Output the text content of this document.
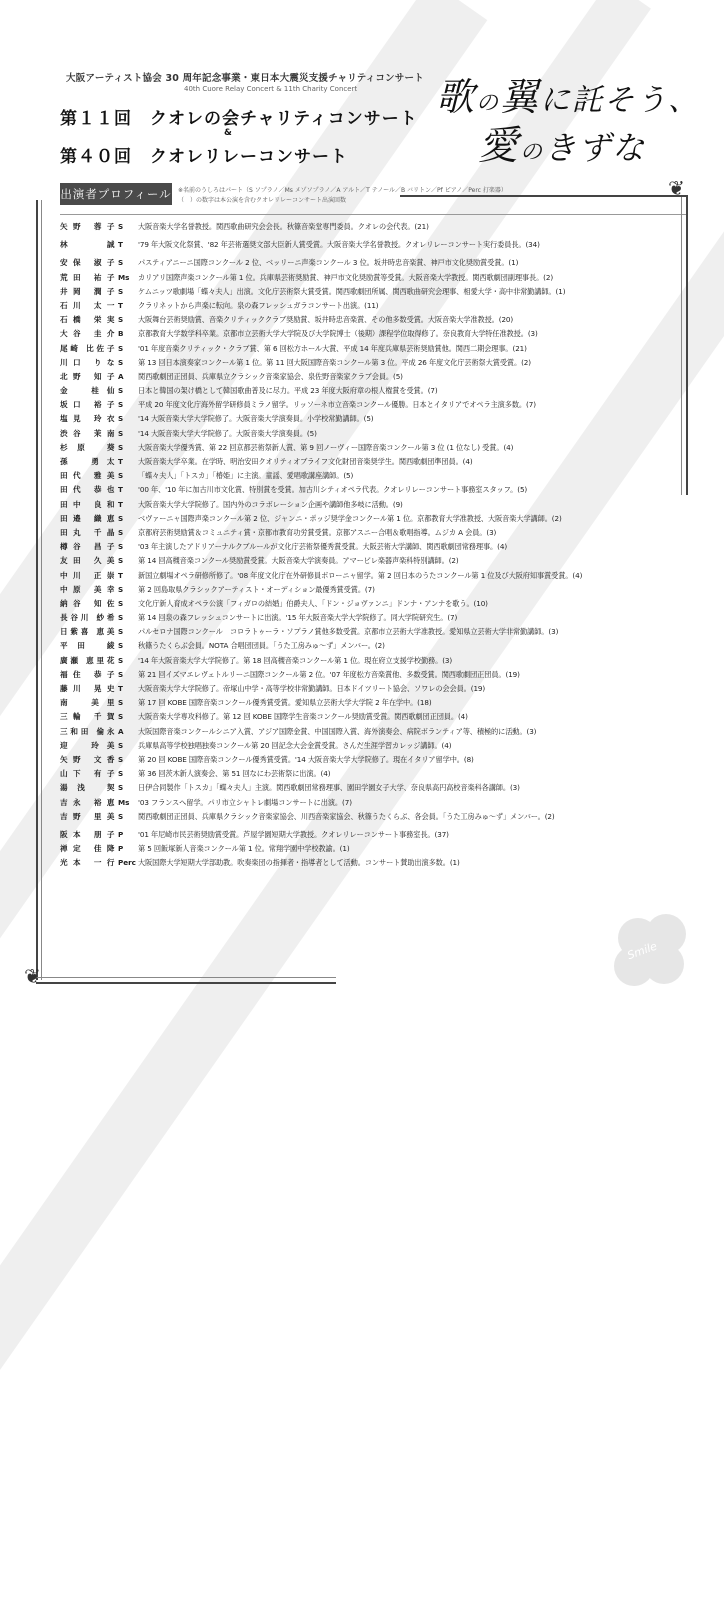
大阪アーティスト協会 30 周年記念事業・東日本大震災支援チャリティコンサート
40th Cuore Relay Concert & 11th Charity Concert
第１１回　クオレの会チャリティコンサート
&
第４０回　クオレリレーコンサート
歌の翼に託そう、
愛のきずな
出演者プロフィール ※名前のうしろはパート（S ソプラノ／Ms メゾソプラノ／A アルト／T テノール／B バリトン／Pf ピアノ／Perc 打楽器）
（　）の数字は本公演を含むクオレリレーコンサート出演回数
❦
❦
矢野 蓉子 S	大阪音楽大学名誉教授。関西歌曲研究会会長。秋篠音楽堂専門委員。クオレの会代表。(21)
林　　誠 T	'79 年大阪文化祭賞、'82 年芸術選奨文部大臣新人賞受賞。大阪音楽大学名誉教授。クオレリレーコンサート実行委員長。(34)
安保 淑子 S	パスティアニーニ国際コンクール 2 位、ベッリーニ声楽コンクール 3 位。坂井時忠音楽賞、神戸市文化奨励賞受賞。(1)
荒田 祐子 Ms	カリアリ国際声楽コンクール第 1 位。兵庫県芸術奨励賞、神戸市文化奨励賞等受賞。大阪音楽大学教授。関西歌劇団副理事長。(2)
井岡 潤子 S	ケムニッツ歌劇場「蝶々夫人」出演。文化庁芸術祭大賞受賞。関西歌劇団所属、関西歌曲研究会理事、相愛大学・高中非常勤講師。(1)
石川 太一 T	クラリネットから声楽に転向。泉の森フレッシュガラコンサート出演。(11)
石橋 栄実 S	大阪舞台芸術奨励賞、音楽クリティッククラブ奨励賞、坂井時忠音楽賞、その他多数受賞。大阪音楽大学准教授。(20)
大谷 圭介 B	京都教育大学数学科卒業。京都市立芸術大学大学院及び大学院博士（後期）課程学位取得修了。奈良教育大学特任准教授。(3)
尾崎 比佐子 S	'01 年度音楽クリティック・クラブ賞、第 6 回松方ホール大賞、平成 14 年度兵庫県芸術奨励賞他。関西二期会理事。(21)
川口 りな S	第 13 回日本演奏家コンクール第 1 位。第 11 回大阪国際音楽コンクール第 3 位。平成 26 年度文化庁芸術祭大賞受賞。(2)
北野 知子 A	関西歌劇団正団員、兵庫県立クラシック音楽家協会、泉佐野音楽家クラブ会員。(5)
金　桂仙 S	日本と韓国の架け橋として韓国歌曲普及に尽力。平成 23 年度大阪府章の根人権賞を受賞。(7)
坂口 裕子 S	平成 20 年度文化庁海外留学研修員ミラノ留学。リッソーネ市立音楽コンクール優勝。日本とイタリアでオペラ主演多数。(7)
塩見 玲衣 S	'14 大阪音楽大学大学院修了。大阪音楽大学演奏員。小学校常勤講師。(5)
渋谷 茉南 S	'14 大阪音楽大学大学院修了。大阪音楽大学演奏員。(5)
杉原 葵 S	大阪音楽大学優秀賞、第 22 回京都芸術祭新人賞、第 9 回ノーヴィー国際音楽コンクール第 3 位 (1 位なし) 受賞。(4)
孫　勇太 T	大阪音楽大学卒業。在学時、明治安田クオリティオブライフ文化財団音楽奨学生。関西歌劇団準団員。(4)
田代 雅美 S	「蝶々夫人」「トスカ」「椿姫」に主演。童謡、愛唱歌講座講師。(5)
田代 恭也 T	'00 年、'10 年に加古川市文化賞、特別賞を受賞。加古川シティオペラ代表。クオレリレーコンサート事務室スタッフ。(5)
田中 良和 T	大阪音楽大学大学院修了。国内外のコラボレーション企画や講師他多岐に活動。(9)
田邉 織恵 S	ベヴァーニャ国際声楽コンクール第 2 位、ジャンニ・ポッジ奨学金コンクール第 1 位。京都教育大学准教授、大阪音楽大学講師。(2)
田丸 千晶 S	京都府芸術奨励賞＆コミュニティ賞・京都市教育功労賞受賞。京都アスニー合唱＆歌唱指導。ムジカ A 会員。(3)
樽谷 昌子 S	'03 年主演したアドリアーナルクブルールが文化庁芸術祭優秀賞受賞。大阪芸術大学講師、関西歌劇団常務理事。(4)
友田 久美 S	第 14 回高槻音楽コンクール奨励賞受賞。大阪音楽大学演奏員。アマービレ楽器声楽科特別講師。(2)
中川 正崇 T	新国立劇場オペラ研修所修了。'08 年度文化庁在外研修員ボローニャ留学。第 2 回日本のうたコンクール第 1 位及び大阪府知事賞受賞。(4)
中原 美幸 S	第 2 回島取県クラシックアーティスト・オーディション最優秀賞受賞。(7)
納谷 知佐 S	文化庁新人育成オペラ公演「フィガロの結婚」伯爵夫人、「ドン・ジョヴァンニ」ドンナ・アンナを歌う。(10)
長谷川 紗希 S	第 14 回泉の森フレッシュコンサートに出演。'15 年大阪音楽大学大学院修了。同大学院研究生。(7)
日紫喜 恵美 S	パルセロナ国際コンクール　コロラトゥーラ・ソプラノ賞他多数受賞。京都市立芸術大学准教授。愛知県立芸術大学非常勤講師。(3)
平田 綾 S	秋篠うたくらぶ会員。NOTA 合唱団団員。「うた工房みゅ～ず」メンバー。(2)
廣瀬 恵里花 S	'14 年大阪音楽大学大学院修了。第 18 回高槻音楽コンクール第 1 位。現在府立支援学校勤務。(3)
福住 恭子 S	第 21 回イズマエレヴェトルリーニ国際コンクール第 2 位。'07 年度松方音楽賞他、多数受賞。関西歌劇団正団員。(19)
藤川 晃史 T	大阪音楽大学大学院修了。帝塚山中学・高等学校非常勤講師。日本ドイツリート協会、ソワレの会会員。(19)
南　美里 S	第 17 回 KOBE 国際音楽コンクール優秀賞受賞。愛知県立芸術大学大学院 2 年在学中。(18)
三輪 千賀 S	大阪音楽大学専攻科修了。第 12 回 KOBE 国際学生音楽コンクール奨励賞受賞。関西歌劇団正団員。(4)
三和田 倫永 A	大阪国際音楽コンクールシニア入賞、アジア国際金賞、中国国際入賞、海外演奏会、病院ボランティア等、積極的に活動。(3)
迎　玲美 S	兵庫県高等学校独唱独奏コンクール第 20 回記念大会金賞受賞。さんだ生涯学習カレッジ講師。(4)
矢野 文香 S	第 20 回 KOBE 国際音楽コンクール優秀賞受賞。'14 大阪音楽大学大学院修了。現在イタリア留学中。(8)
山下 有子 S	第 36 回茨木新人演奏会、第 51 回なにわ芸術祭に出演。(4)
湯浅 契 S	日伊合同製作「トスカ」「蝶々夫人」主演。関西歌劇団常務理事、園田学園女子大学、奈良県高円高校音楽科各講師。(3)
吉永 裕恵 Ms	'03 フランスへ留学。パリ市立シャトレ劇場コンサートに出演。(7)
吉野 里美 S	関西歌劇団正団員、兵庫県クラシック音楽家協会、川西音楽家協会、秋篠うたくらぶ、各会員。「うた工房みゅ～ず」メンバー。(2)
阪本 朋子 P	'01 年尼崎市民芸術奨励賞受賞。芦屋学園短期大学教授。クオレリレーコンサート事務室長。(37)
禅定 佳降 P	第 5 回飯塚新人音楽コンクール第 1 位。常翔学園中学校教諭。(1)
光本 一行 Perc 大阪国際大学短期大学部助教。吹奏楽団の指揮者・指導者として活動。コンサート賛助出演多数。(1)
Smile
